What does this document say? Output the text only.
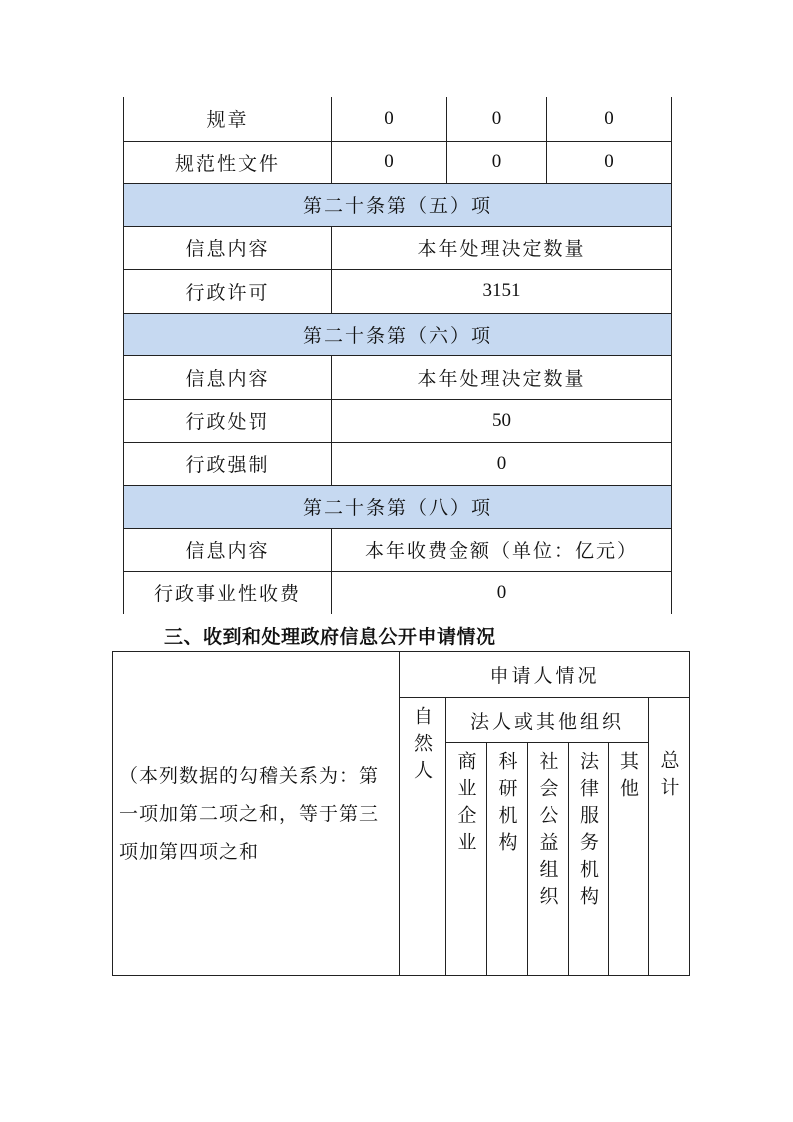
规章	0	0	0
规范性文件	0	0	0
第二十条第（五）项			
信息内容	本年处理决定数量		
行政许可	3151		
第二十条第（六）项			
信息内容	本年处理决定数量		
行政处罚	50		
行政强制	0		
第二十条第（八）项			
信息内容	本年收费金额（单位：亿元）		
行政事业性收费	0		
三、收到和处理政府信息公开申请情况
（本列数据的勾稽关系为：第一项加第二项之和，等于第三项加第四项之和	申请人情况						
	自然人	法人或其他组织					总计
		商业企业	科研机构	社会公益组织	法律服务机构	其他	
